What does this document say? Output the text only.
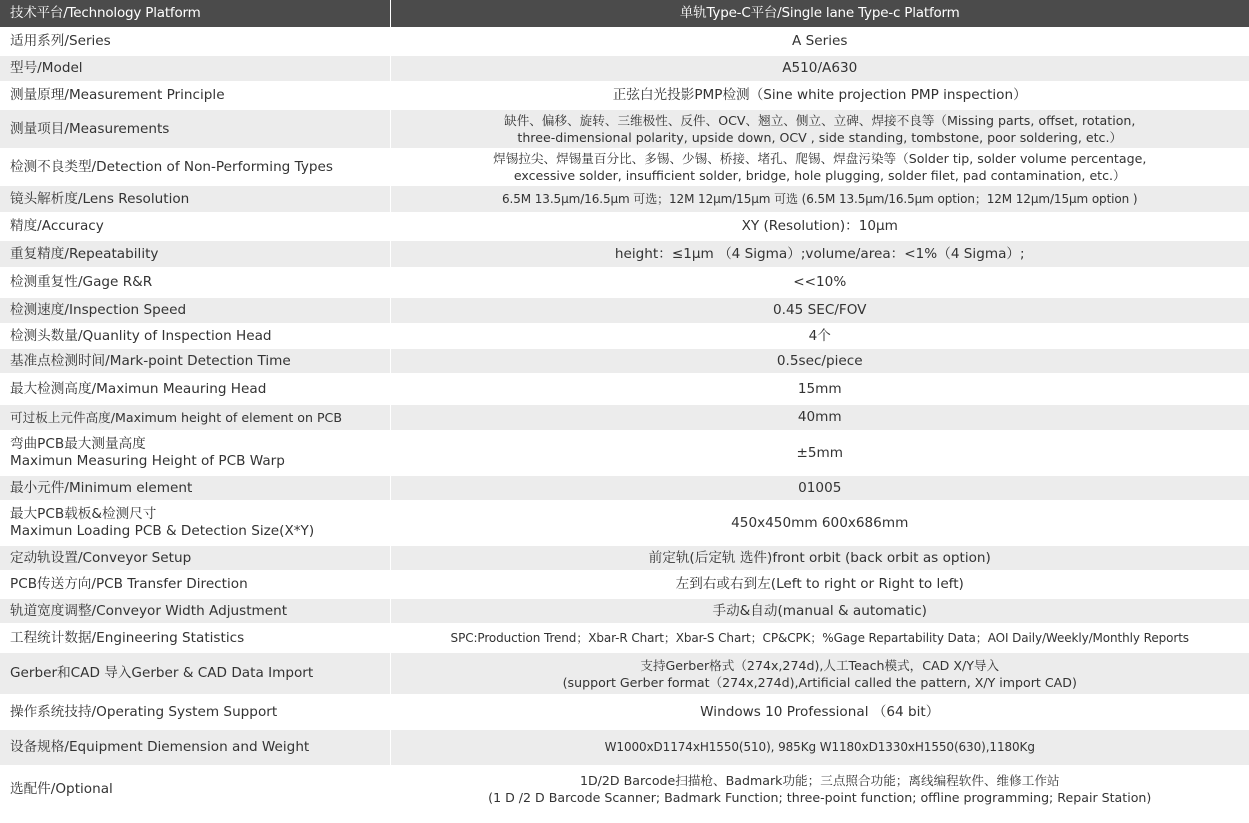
技术平台/Technology Platform	单轨Type-C平台/Single lane Type-c Platform
适用系列/Series	A Series
型号/Model	A510/A630
测量原理/Measurement Principle	正弦白光投影PMP检测（Sine white projection PMP inspection）
测量项目/Measurements	缺件、偏移、旋转、三维极性、反件、OCV、翘立、侧立、立碑、焊接不良等（Missing parts, offset, rotation,
three-dimensional polarity, upside down, OCV , side standing, tombstone, poor soldering, etc.）
检测不良类型/Detection of Non-Performing Types	焊锡拉尖、焊锡量百分比、多锡、少锡、桥接、堵孔、爬锡、焊盘污染等（Solder tip, solder volume percentage,
excessive solder, insufficient solder, bridge, hole plugging, solder filet, pad contamination, etc.）
镜头解析度/Lens Resolution	6.5M 13.5μm/16.5μm 可选；12M 12μm/15μm 可选 (6.5M 13.5μm/16.5μm option；12M 12μm/15μm option )
精度/Accuracy	XY (Resolution)：10μm
重复精度/Repeatability	height：≤1μm （4 Sigma）;volume/area：<1%（4 Sigma）;
检测重复性/Gage R&R	<<10%
检测速度/Inspection Speed	0.45 SEC/FOV
检测头数量/Quanlity of Inspection Head	4个
基准点检测时间/Mark-point Detection Time	0.5sec/piece
最大检测高度/Maximun Meauring Head	15mm
可过板上元件高度/Maximum height of element on PCB	40mm
弯曲PCB最大测量高度
Maximun Measuring Height of PCB Warp	±5mm
最小元件/Minimum element	01005
最大PCB载板&检测尺寸
Maximun Loading PCB & Detection Size(X*Y)	450x450mm 600x686mm
定动轨设置/Conveyor Setup	前定轨(后定轨 选件)front orbit (back orbit as option)
PCB传送方向/PCB Transfer Direction	左到右或右到左(Left to right or Right to left)
轨道宽度调整/Conveyor Width Adjustment	手动&自动(manual & automatic)
工程统计数据/Engineering Statistics	SPC:Production Trend；Xbar-R Chart；Xbar-S Chart；CP&CPK；%Gage Repartability Data；AOI Daily/Weekly/Monthly Reports
Gerber和CAD 导入Gerber & CAD Data Import	支持Gerber格式（274x,274d),人工Teach模式，CAD X/Y导入
(support Gerber format（274x,274d),Artificial called the pattern, X/Y import CAD)
操作系统技持/Operating System Support	Windows 10 Professional （64 bit）
设备规格/Equipment Diemension and Weight	W1000xD1174xH1550(510), 985Kg W1180xD1330xH1550(630),1180Kg
选配件/Optional	1D/2D Barcode扫描枪、Badmark功能；三点照合功能；离线编程软件、维修工作站
(1 D /2 D Barcode Scanner; Badmark Function; three-point function; offline programming; Repair Station)
